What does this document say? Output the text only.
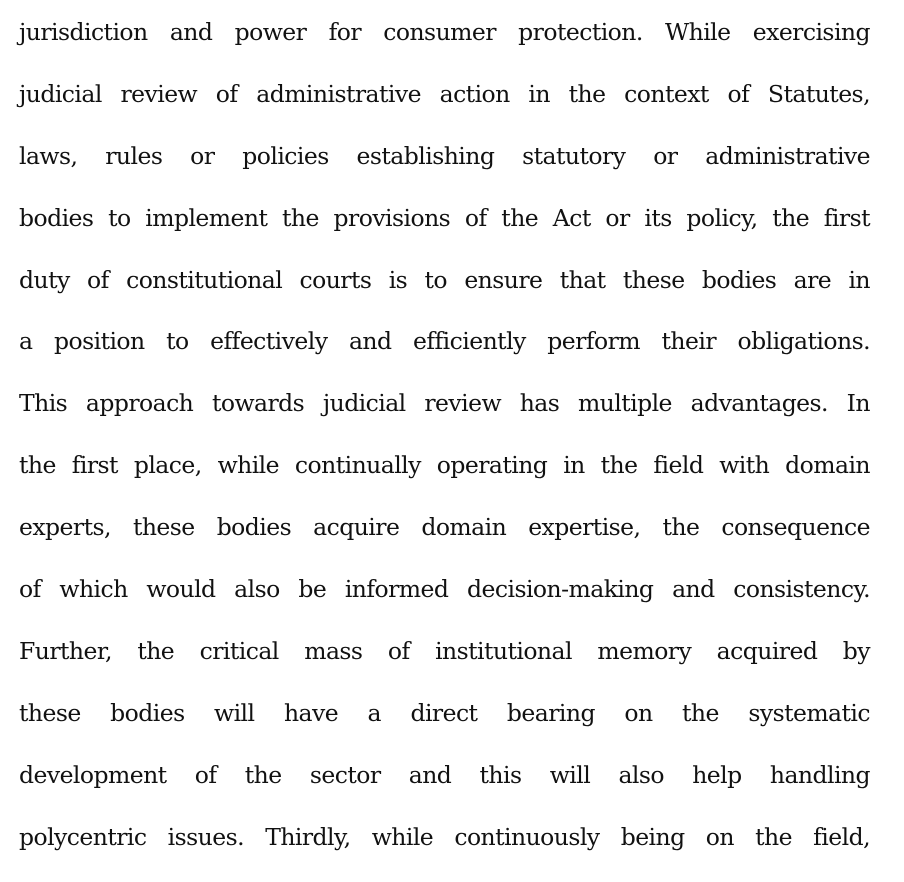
jurisdiction and power for consumer protection. While exercising
judicial review of administrative action in the context of Statutes,
laws, rules or policies establishing statutory or administrative
bodies to implement the provisions of the Act or its policy, the first
duty of constitutional courts is to ensure that these bodies are in
a position to effectively and efficiently perform their obligations.
This approach towards judicial review has multiple advantages. In
the first place, while continually operating in the field with domain
experts, these bodies acquire domain expertise, the consequence
of which would also be informed decision-making and consistency.
Further, the critical mass of institutional memory acquired by
these bodies will have a direct bearing on the systematic
development of the sector and this will also help handling
polycentric issues. Thirdly, while continuously being on the field,
